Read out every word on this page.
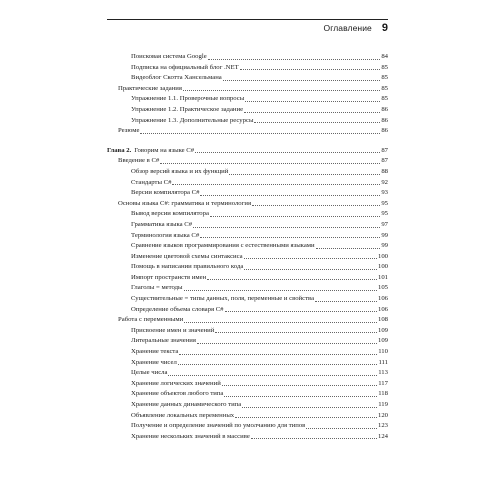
Оглавление 9
Поисковая система Google	84
Подписка на официальный блог .NET	85
Видеоблог Скотта Хансельмана	85
Практические задания	85
Упражнение 1.1. Проверочные вопросы	85
Упражнение 1.2. Практическое задание	86
Упражнение 1.3. Дополнительные ресурсы	86
Резюме	86
Глава 2. Говорим на языке C#	87
Введение в C#	87
Обзор версий языка и их функций	88
Стандарты C#	92
Версии компилятора C#	93
Основы языка C#: грамматика и терминология	95
Вывод версии компилятора	95
Грамматика языка C#	97
Терминология языка C#	99
Сравнение языков программирования с естественными языками	99
Изменение цветовой схемы синтаксиса	100
Помощь в написании правильного кода	100
Импорт пространств имен	101
Глаголы = методы	105
Существительные = типы данных, поля, переменные и свойства	106
Определение объема словаря C#	106
Работа с переменными	108
Присвоение имен и значений	109
Литеральные значения	109
Хранение текста	110
Хранение чисел	111
Целые числа	113
Хранение логических значений	117
Хранение объектов любого типа	118
Хранение данных динамического типа	119
Объявление локальных переменных	120
Получение и определение значений по умолчанию для типов	123
Хранение нескольких значений в массиве	124
